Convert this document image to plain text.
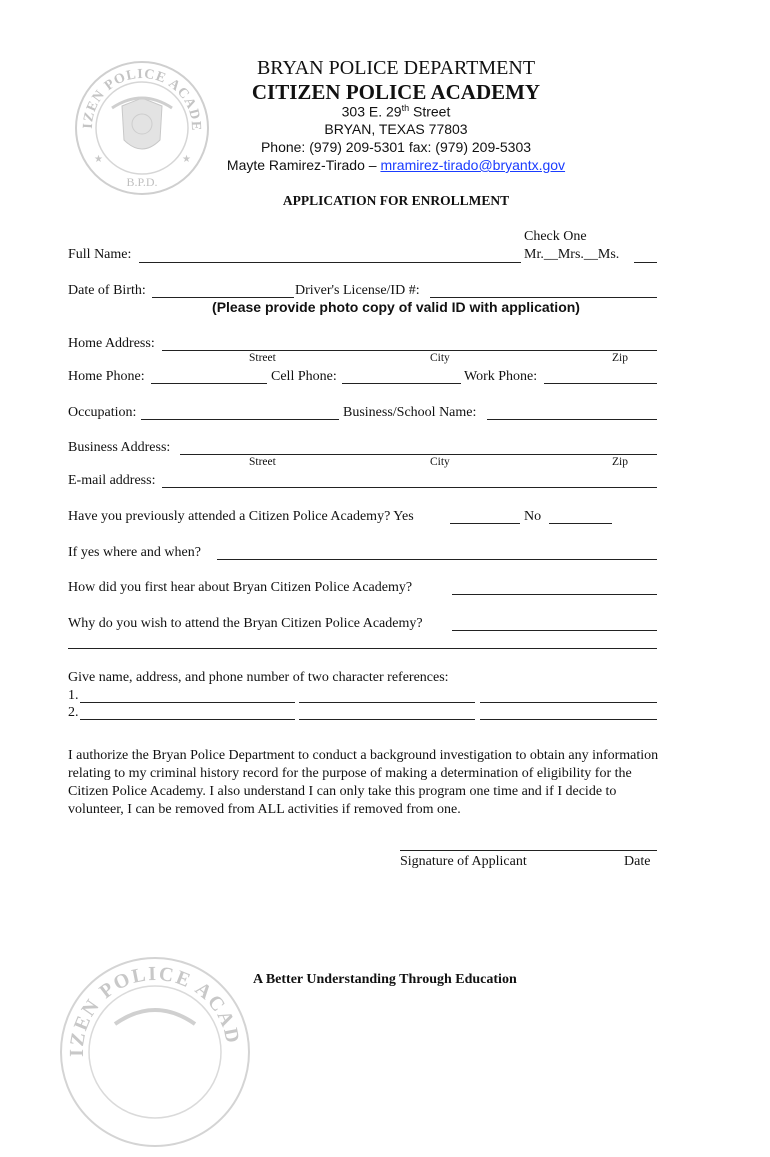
IZEN POLICE ACADE
B.P.D.
★	★
BRYAN POLICE DEPARTMENT
CITIZEN POLICE ACADEMY
303 E. 29th Street
BRYAN, TEXAS 77803
Phone: (979) 209-5301 fax: (979) 209-5303
Mayte Ramirez-Tirado – mramirez-tirado@bryantx.gov
APPLICATION FOR ENROLLMENT
Check One
Full Name:	Mr.__Mrs.__Ms.
Date of Birth:	Driver's License/ID #:
(Please provide photo copy of valid ID with application)
Home Address:
Street	City	Zip
Home Phone:	Cell Phone:	Work Phone:
Occupation:	Business/School Name:
Business Address:
Street	City	Zip
E-mail address:
Have you previously attended a Citizen Police Academy? Yes	No
If yes where and when?
How did you first hear about Bryan Citizen Police Academy?
Why do you wish to attend the Bryan Citizen Police Academy?
Give name, address, and phone number of two character references:
1.
2.
I authorize the Bryan Police Department to conduct a background investigation to obtain any information relating to my criminal history record for the purpose of making a determination of eligibility for the Citizen Police Academy. I also understand I can only take this program one time and if I decide to volunteer, I can be removed from ALL activities if removed from one.
Signature of Applicant	Date
A Better Understanding Through Education
IZEN POLICE ACAD
